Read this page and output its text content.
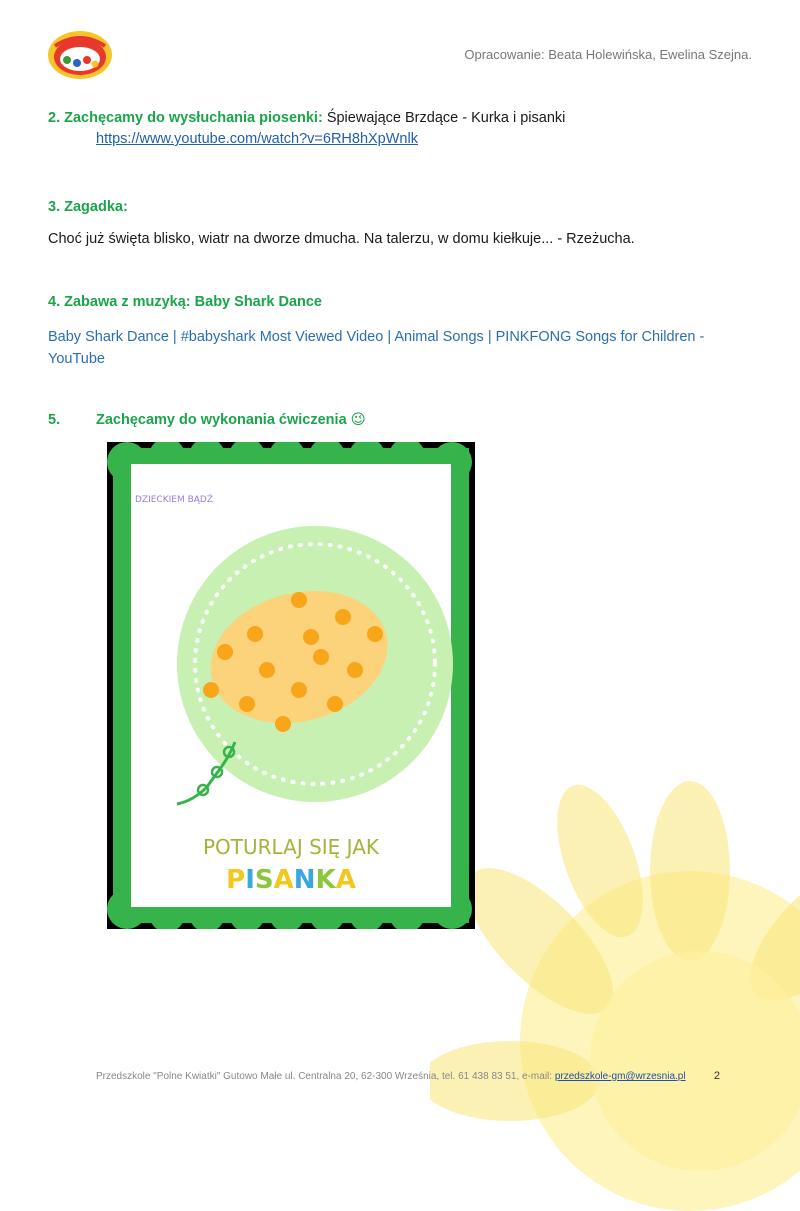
Opracowanie: Beata Holewińska, Ewelina Szejna.
2. Zachęcamy do wysłuchania piosenki: Śpiewające Brzdące - Kurka i pisanki
https://www.youtube.com/watch?v=6RH8hXpWnlk
3. Zagadka:
Choć już święta blisko, wiatr na dworze dmucha. Na talerzu, w domu kiełkuje... - Rzeżucha.
4. Zabawa z muzyką: Baby Shark Dance
Baby Shark Dance | #babyshark Most Viewed Video | Animal Songs | PINKFONG Songs for Children - YouTube
5. Zachęcamy do wykonania ćwiczenia 😉
DZIECKIEM BĄDŹ
POTURLAJ SIĘ JAK
PISANKA
Przedszkole "Polne Kwiatki" Gutowo Małe ul. Centralna 20, 62-300 Września, tel. 61 438 83 51, e-mail: przedszkole-gm@wrzesnia.pl	2
